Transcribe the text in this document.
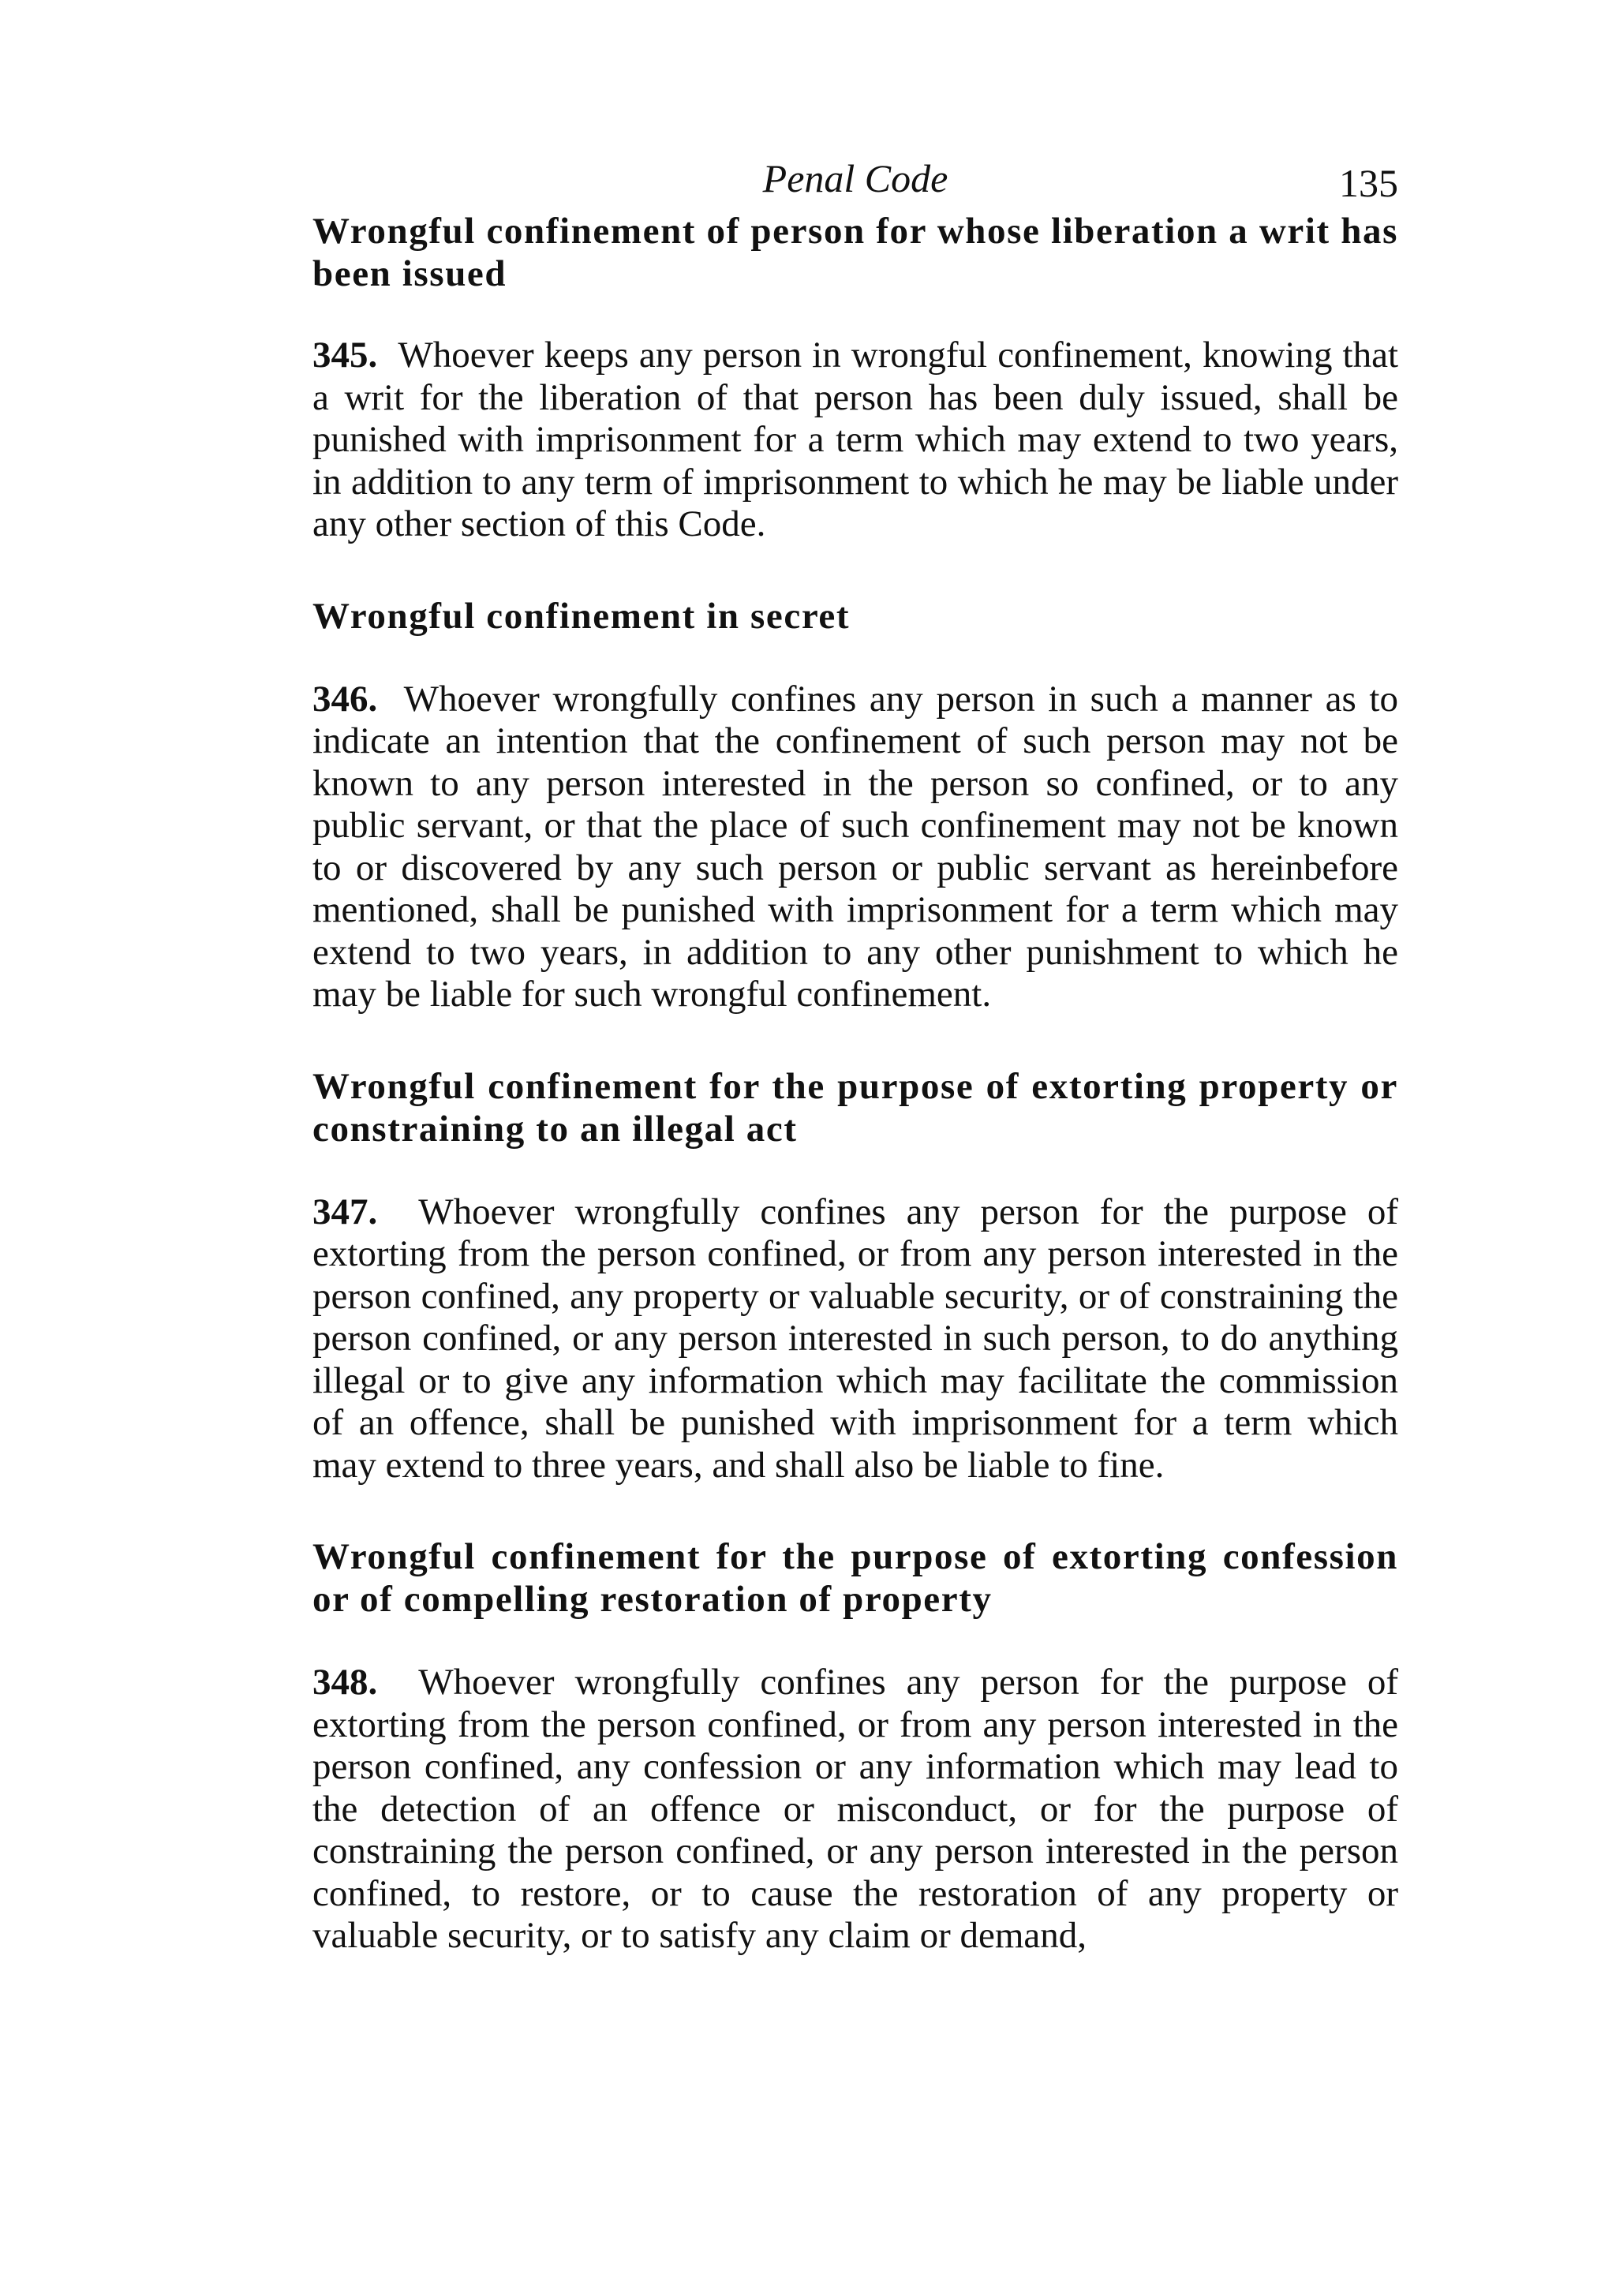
Penal Code	135

Wrongful confinement of person for whose liberation a writ has been issued

345. Whoever keeps any person in wrongful confinement, knowing that a writ for the liberation of that person has been duly issued, shall be punished with imprisonment for a term which may extend to two years, in addition to any term of imprisonment to which he may be liable under any other section of this Code.

Wrongful confinement in secret

346. Whoever wrongfully confines any person in such a manner as to indicate an intention that the confinement of such person may not be known to any person interested in the person so confined, or to any public servant, or that the place of such confinement may not be known to or discovered by any such person or public servant as hereinbefore mentioned, shall be punished with imprisonment for a term which may extend to two years, in addition to any other punishment to which he may be liable for such wrongful confinement.

Wrongful confinement for the purpose of extorting property or constraining to an illegal act

347. Whoever wrongfully confines any person for the purpose of extorting from the person confined, or from any person interested in the person confined, any property or valuable security, or of constraining the person confined, or any person interested in such person, to do anything illegal or to give any information which may facilitate the commission of an offence, shall be punished with imprisonment for a term which may extend to three years, and shall also be liable to fine.

Wrongful confinement for the purpose of extorting confession or of compelling restoration of property

348. Whoever wrongfully confines any person for the purpose of extorting from the person confined, or from any person interested in the person confined, any confession or any information which may lead to the detection of an offence or misconduct, or for the purpose of constraining the person confined, or any person interested in the person confined, to restore, or to cause the restoration of any property or valuable security, or to satisfy any claim or demand,
